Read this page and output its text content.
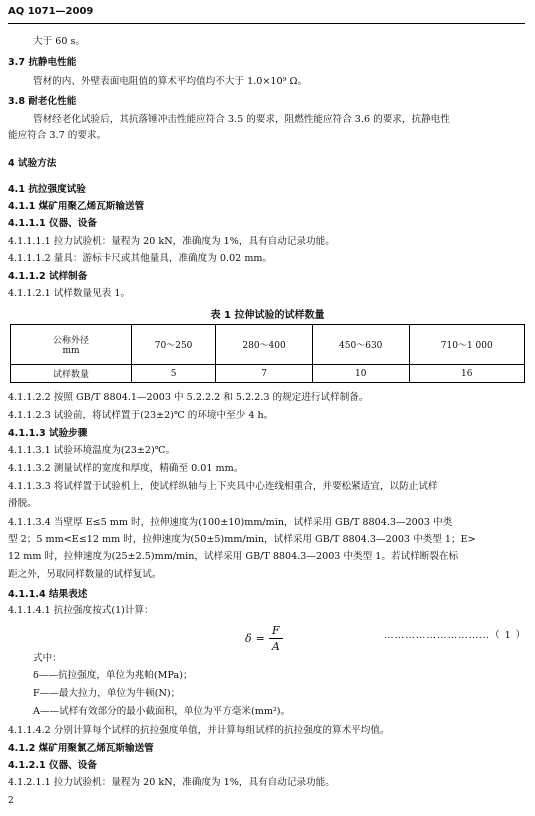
AQ 1071—2009
大于 60 s。
3.7 抗静电性能
管材的内、外壁表面电阻值的算术平均值均不大于 1.0×10⁹ Ω。
3.8 耐老化性能
管材经老化试验后，其抗落锤冲击性能应符合 3.5 的要求，阻燃性能应符合 3.6 的要求，抗静电性
能应符合 3.7 的要求。
4 试验方法
4.1 抗拉强度试验
4.1.1 煤矿用聚乙烯瓦斯输送管
4.1.1.1 仪器、设备
4.1.1.1.1 拉力试验机：量程为 20 kN，准确度为 1%，具有自动记录功能。
4.1.1.1.2 量具：游标卡尺或其他量具，准确度为 0.02 mm。
4.1.1.2 试样制备
4.1.1.2.1 试样数量见表 1。
表 1 拉伸试验的试样数量
公称外径
mm	70～250	280～400	450～630	710～1 000
试样数量	5	7	10	16
4.1.1.2.2 按照 GB/T 8804.1—2003 中 5.2.2.2 和 5.2.2.3 的规定进行试样制备。
4.1.1.2.3 试验前，将试样置于(23±2)℃ 的环境中至少 4 h。
4.1.1.3 试验步骤
4.1.1.3.1 试验环境温度为(23±2)℃。
4.1.1.3.2 测量试样的宽度和厚度，精确至 0.01 mm。
4.1.1.3.3 将试样置于试验机上，使试样纵轴与上下夹具中心连线相重合，并要松紧适宜，以防止试样
滑脱。
4.1.1.3.4 当壁厚 E≤5 mm 时，拉伸速度为(100±10)mm/min，试样采用 GB/T 8804.3—2003 中类
型 2；5 mm<E≤12 mm 时，拉伸速度为(50±5)mm/min，试样采用 GB/T 8804.3—2003 中类型 1；E>
12 mm 时，拉伸速度为(25±2.5)mm/min，试样采用 GB/T 8804.3—2003 中类型 1。若试样断裂在标
距之外，另取同样数量的试样复试。
4.1.1.4 结果表述
4.1.1.4.1 抗拉强度按式(1)计算：
$\delta = \frac{F}{A}$	…………………………（ 1 ）
式中：
δ——抗拉强度，单位为兆帕(MPa)；
F——最大拉力，单位为牛顿(N)；
A——试样有效部分的最小截面积，单位为平方毫米(mm²)。
4.1.1.4.2 分别计算每个试样的抗拉强度单值，并计算每组试样的抗拉强度的算术平均值。
4.1.2 煤矿用聚氯乙烯瓦斯输送管
4.1.2.1 仪器、设备
4.1.2.1.1 拉力试验机：量程为 20 kN，准确度为 1%，具有自动记录功能。
2
